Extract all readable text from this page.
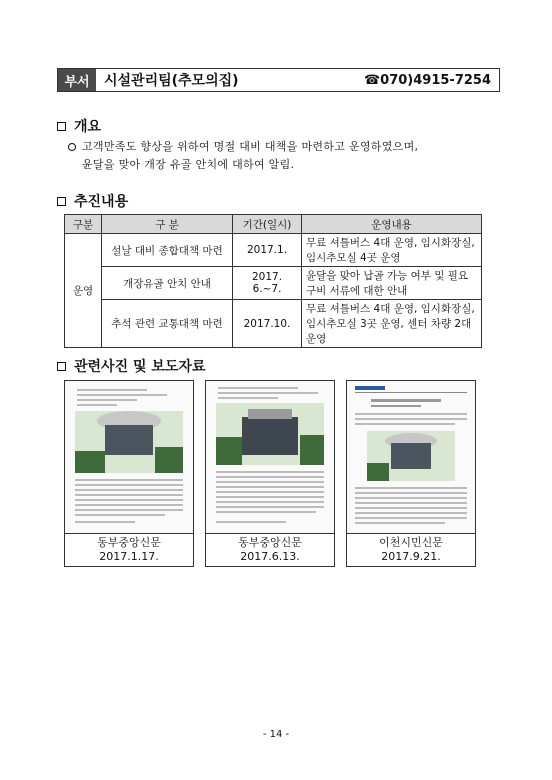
부서	시설관리팀(추모의집)	☎070)4915-7254
개요
고객만족도 향상을 위하여 명절 대비 대책을 마련하고 운영하였으며,
윤달을 맞아 개장 유골 안치에 대하여 알림.
추진내용
구분	구 분	기간(일시)	운영내용
운영	설날 대비 종합대책 마련	2017.1.	무료 셔틀버스 4대 운영, 임시화장실,
임시추모실 4곳 운영

	개장유골 안치 안내	2017. 6.~7.	윤달을 맞아 납골 가능 여부 및 필요
구비 서류에 대한 안내

	추석 관련 교통대책 마련	2017.10.	무료 셔틀버스 4대 운영, 임시화장실,
임시추모실 3곳 운영, 센터 차량 2대 운영
관련사진 및 보도자료
동부중앙신문
2017.1.17.
동부중앙신문
2017.6.13.
이천시민신문
2017.9.21.
- 14 -
